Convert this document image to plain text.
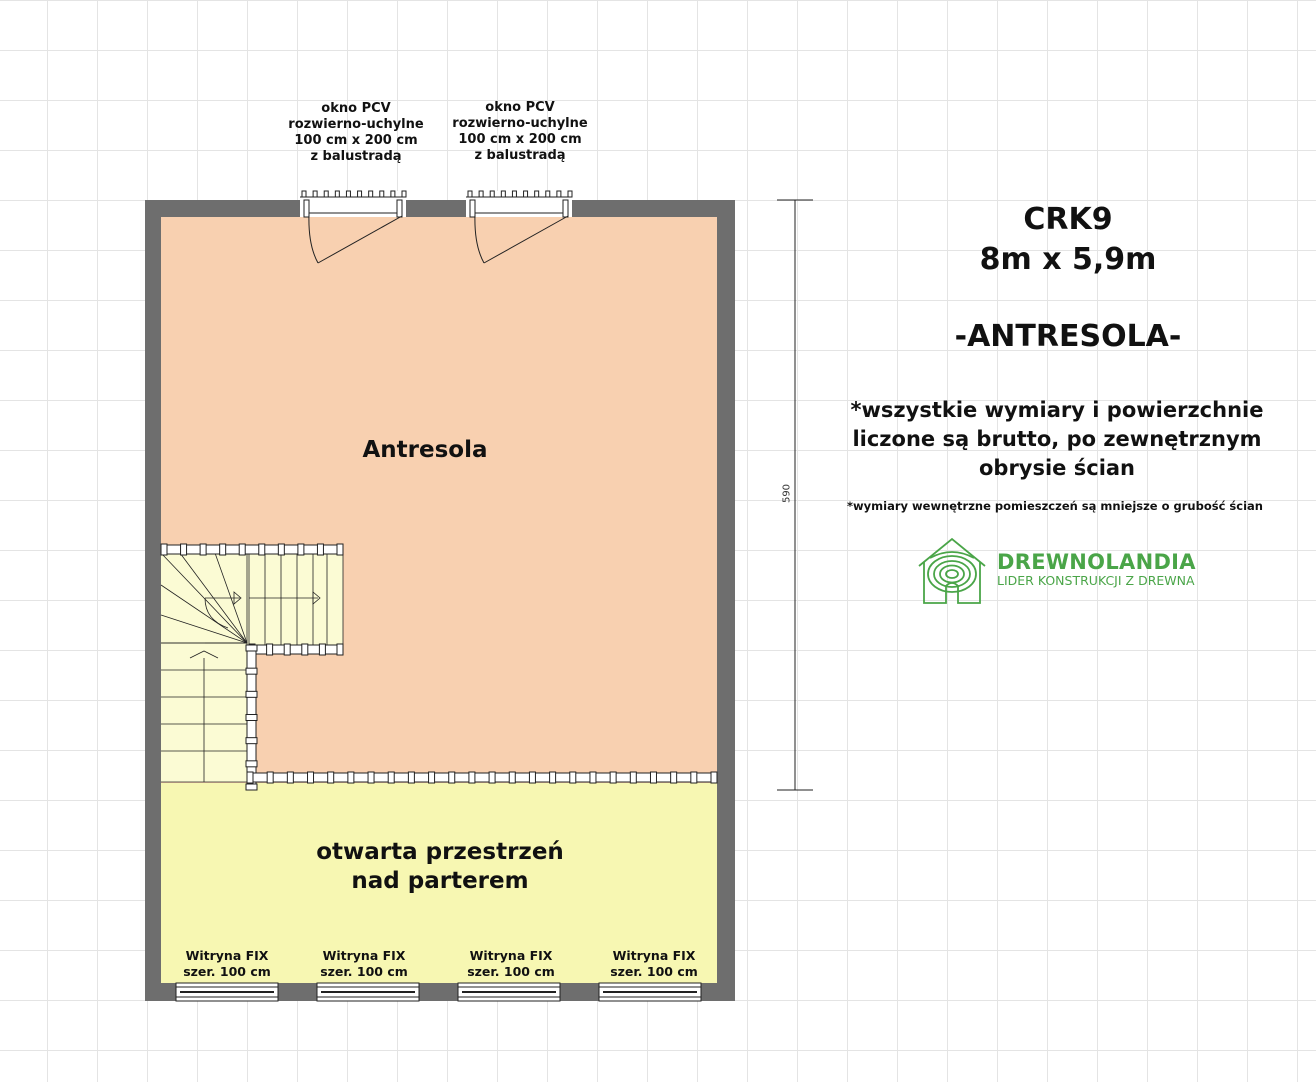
okno PCV
rozwierno-uchylne
100 cm x 200 cm
z balustradą
okno PCV
rozwierno-uchylne
100 cm x 200 cm
z balustradą
Antresola
otwarta przestrzeń
nad parterem
Witryna FIX
szer. 100 cm
Witryna FIX
szer. 100 cm
Witryna FIX
szer. 100 cm
Witryna FIX
szer. 100 cm
590
CRK9
8m x 5,9m
-ANTRESOLA-
*wszystkie wymiary i powierzchnie liczone są brutto, po zewnętrznym obrysie ścian
*wymiary wewnętrzne pomieszczeń są mniejsze o grubość ścian
DREWNOLANDIA
LIDER KONSTRUKCJI Z DREWNA
